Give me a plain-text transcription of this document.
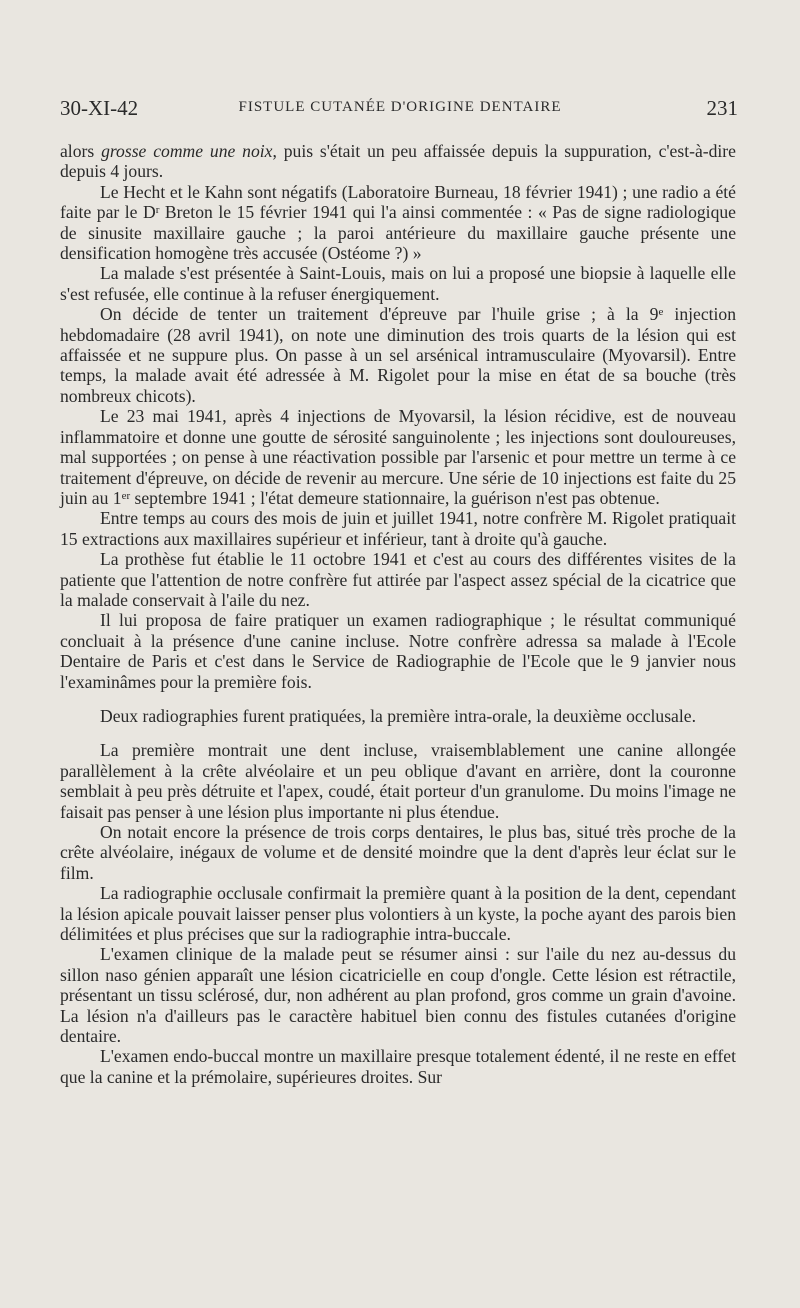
30-XI-42	FISTULE CUTANÉE D'ORIGINE DENTAIRE	231

alors grosse comme une noix, puis s'était un peu affaissée depuis la suppuration, c'est-à-dire depuis 4 jours.

Le Hecht et le Kahn sont négatifs (Laboratoire Burneau, 18 février 1941) ; une radio a été faite par le $D^r$ Breton le 15 février 1941 qui l'a ainsi commentée : « Pas de signe radiologique de sinusite maxillaire gauche ; la paroi antérieure du maxillaire gauche présente une densification homogène très accusée (Ostéome ?) »

La malade s'est présentée à Saint-Louis, mais on lui a proposé une biopsie à laquelle elle s'est refusée, elle continue à la refuser énergiquement.

On décide de tenter un traitement d'épreuve par l'huile grise ; à la 9e injection hebdomadaire (28 avril 1941), on note une diminution des trois quarts de la lésion qui est affaissée et ne suppure plus. On passe à un sel arsénical intramusculaire (Myovarsil). Entre temps, la malade avait été adressée à M. Rigolet pour la mise en état de sa bouche (très nombreux chicots).

Le 23 mai 1941, après 4 injections de Myovarsil, la lésion récidive, est de nouveau inflammatoire et donne une goutte de sérosité sanguinolente ; les injections sont douloureuses, mal supportées ; on pense à une réactivation possible par l'arsenic et pour mettre un terme à ce traitement d'épreuve, on décide de revenir au mercure. Une série de 10 injections est faite du 25 juin au 1er septembre 1941 ; l'état demeure stationnaire, la guérison n'est pas obtenue.

Entre temps au cours des mois de juin et juillet 1941, notre confrère M. Rigolet pratiquait 15 extractions aux maxillaires supérieur et inférieur, tant à droite qu'à gauche.

La prothèse fut établie le 11 octobre 1941 et c'est au cours des différentes visites de la patiente que l'attention de notre confrère fut attirée par l'aspect assez spécial de la cicatrice que la malade conservait à l'aile du nez.

Il lui proposa de faire pratiquer un examen radiographique ; le résultat communiqué concluait à la présence d'une canine incluse. Notre confrère adressa sa malade à l'Ecole Dentaire de Paris et c'est dans le Service de Radiographie de l'Ecole que le 9 janvier nous l'examinâmes pour la première fois.

Deux radiographies furent pratiquées, la première intra-orale, la deuxième occlusale.

La première montrait une dent incluse, vraisemblablement une canine allongée parallèlement à la crête alvéolaire et un peu oblique d'avant en arrière, dont la couronne semblait à peu près détruite et l'apex, coudé, était porteur d'un granulome. Du moins l'image ne faisait pas penser à une lésion plus importante ni plus étendue.

On notait encore la présence de trois corps dentaires, le plus bas, situé très proche de la crête alvéolaire, inégaux de volume et de densité moindre que la dent d'après leur éclat sur le film.

La radiographie occlusale confirmait la première quant à la position de la dent, cependant la lésion apicale pouvait laisser penser plus volontiers à un kyste, la poche ayant des parois bien délimitées et plus précises que sur la radiographie intra-buccale.

L'examen clinique de la malade peut se résumer ainsi : sur l'aile du nez au-dessus du sillon naso génien apparaît une lésion cicatricielle en coup d'ongle. Cette lésion est rétractile, présentant un tissu sclérosé, dur, non adhérent au plan profond, gros comme un grain d'avoine. La lésion n'a d'ailleurs pas le caractère habituel bien connu des fistules cutanées d'origine dentaire.

L'examen endo-buccal montre un maxillaire presque totalement édenté, il ne reste en effet que la canine et la prémolaire, supérieures droites. Sur
